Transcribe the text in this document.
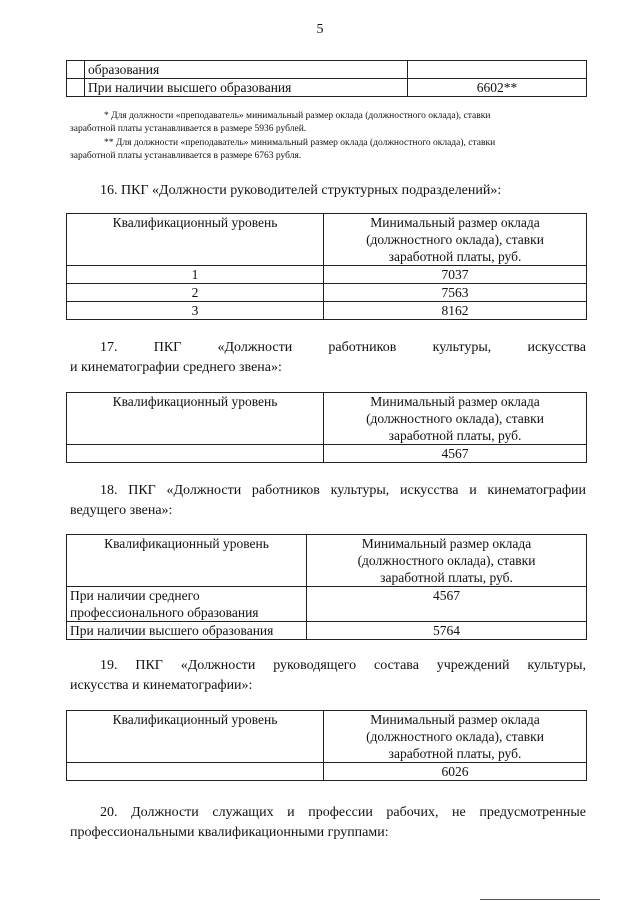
5
	образования	
	При наличии высшего образования	6602**
* Для должности «преподаватель» минимальный размер оклада (должностного оклада), ставки
заработной платы устанавливается в размере 5936 рублей.
** Для должности «преподаватель» минимальный размер оклада (должностного оклада), ставки
заработной платы устанавливается в размере 6763 рубля.
16. ПКГ «Должности руководителей структурных подразделений»:
Квалификационный уровень	Минимальный размер оклада
(должностного оклада), ставки
заработной платы, руб.

1	7037
2	7563
3	8162
17. ПКГ «Должности работников культуры, искусства
и кинематографии среднего звена»:
Квалификационный уровень	Минимальный размер оклада
(должностного оклада), ставки
заработной платы, руб.

	4567
18. ПКГ «Должности работников культуры, искусства и кинематографии
ведущего звена»:
Квалификационный уровень	Минимальный размер оклада
(должностного оклада), ставки
заработной платы, руб.

При наличии среднего
профессионального образования	4567
При наличии высшего образования	5764
19. ПКГ «Должности руководящего состава учреждений культуры,
искусства и кинематографии»:
Квалификационный уровень	Минимальный размер оклада
(должностного оклада), ставки
заработной платы, руб.

	6026
20. Должности служащих и профессии рабочих, не предусмотренные
профессиональными квалификационными группами:
